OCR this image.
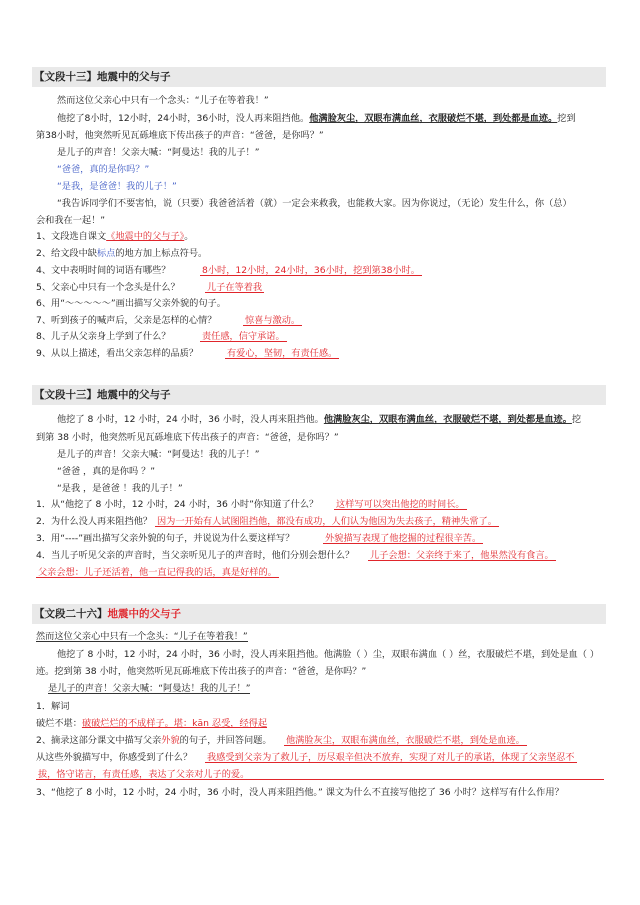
【文段十三】地震中的父与子
然而这位父亲心中只有一个念头：“儿子在等着我！”
他挖了8小时，12小时，24小时，36小时，没人再来阻挡他。他满脸灰尘，双眼布满血丝，衣服破烂不堪，到处都是血迹。挖到
第38小时，他突然听见瓦砾堆底下传出孩子的声音：“爸爸，是你吗？”
是儿子的声音！父亲大喊：“阿曼达！我的儿子！”
“爸爸，真的是你吗？”
“是我，是爸爸！我的儿子！”
“我告诉同学们不要害怕，说（只要）我爸爸活着（就）一定会来救我，也能救大家。因为你说过，（无论）发生什么，你（总）
会和我在一起！”
1、文段选自课文《地震中的父与子》。
2、给文段中缺标点的地方加上标点符号。
4、文中表明时间的词语有哪些？	8小时，12小时，24小时，36小时，挖到第38小时。
5、父亲心中只有一个念头是什么？	儿子在等着我
6、用“～～～～～”画出描写父亲外貌的句子。
7、听到孩子的喊声后，父亲是怎样的心情？	惊喜与激动。
8、儿子从父亲身上学到了什么？	责任感，信守承诺。
9、从以上描述，看出父亲怎样的品质？	有爱心，坚韧，有责任感。
【文段十三】地震中的父与子
他挖了 8 小时，12 小时，24 小时，36 小时，没人再来阻挡他。他满脸灰尘，双眼布满血丝，衣服破烂不堪，到处都是血迹。挖
到第 38 小时，他突然听见瓦砾堆底下传出孩子的声音：“爸爸，是你吗？”
是儿子的声音！父亲大喊：“阿曼达！我的儿子！”
“爸爸 ，真的是你吗 ？”
“是我 ，是爸爸 ！我的儿子！”
1．从“他挖了 8 小时，12 小时，24 小时，36 小时”你知道了什么？ 这样写可以突出他挖的时间长。
2．为什么没人再来阻挡他？ 因为一开始有人试图阻挡他，都没有成功，人们认为他因为失去孩子，精神失常了。
3．用“----”画出描写父亲外貌的句子，并说说为什么要这样写？	外貌描写表现了他挖掘的过程很辛苦。
4．当儿子听见父亲的声音时，当父亲听见儿子的声音时，他们分别会想什么？ 儿子会想：父亲终于来了，他果然没有食言。
父亲会想：儿子还活着，他一直记得我的话，真是好样的。
【文段二十六】地震中的父与子
然而这位父亲心中只有一个念头：“儿子在等着我！”
他挖了 8 小时，12 小时，24 小时，36 小时，没人再来阻挡他。他满脸（ ）尘，双眼布满血（ ）丝，衣服破烂不堪，到处是血（ ）
迹。挖到第 38 小时，他突然听见瓦砾堆底下传出孩子的声音：“爸爸，是你吗？”
是儿子的声音！父亲大喊：“阿曼达！我的儿子！”
1．解词
破烂不堪：破破烂烂的不成样子。堪：kān 忍受，经得起
2、摘录这部分课文中描写父亲外貌的句子，并回答问题。 他满脸灰尘，双眼布满血丝，衣服破烂不堪，到处是血迹。
从这些外貌描写中，你感受到了什么？ 我感受到父亲为了救儿子，历尽艰辛但决不放弃，实现了对儿子的承诺，体现了父亲坚忍不
拔，恪守诺言，有责任感，表达了父亲对儿子的爱。
3、“他挖了 8 小时，12 小时，24 小时，36 小时，没人再来阻挡他。” 课文为什么不直接写他挖了 36 小时？这样写有什么作用？
